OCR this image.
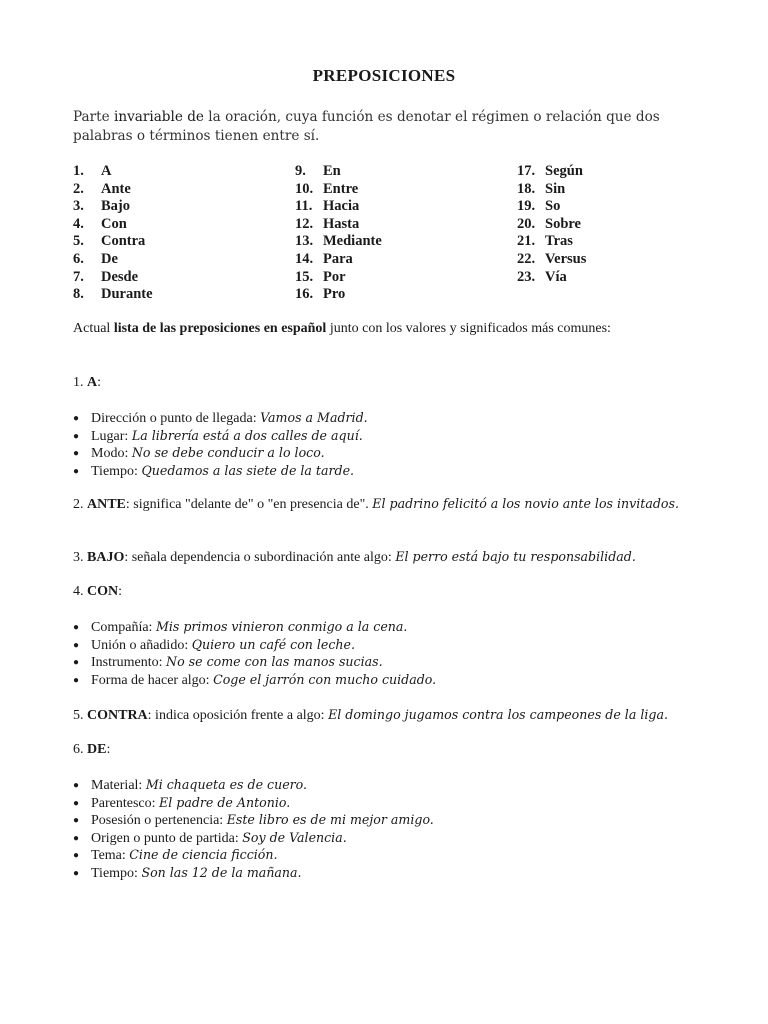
PREPOSICIONES

Parte invariable de la oración, cuya función es denotar el régimen o relación que dos palabras o términos tienen entre sí.

1. A
2. Ante
3. Bajo
4. Con
5. Contra
6. De
7. Desde
8. Durante
9. En
10. Entre
11. Hacia
12. Hasta
13. Mediante
14. Para
15. Por
16. Pro
17. Según
18. Sin
19. So
20. Sobre
21. Tras
22. Versus
23. Vía

Actual lista de las preposiciones en español junto con los valores y significados más comunes:

1. A:

● Dirección o punto de llegada: Vamos a Madrid.
● Lugar: La librería está a dos calles de aquí.
● Modo: No se debe conducir a lo loco.
● Tiempo: Quedamos a las siete de la tarde.

2. ANTE: significa "delante de" o "en presencia de". El padrino felicitó a los novio ante los invitados.

3. BAJO: señala dependencia o subordinación ante algo: El perro está bajo tu responsabilidad.

4. CON:

● Compañía: Mis primos vinieron conmigo a la cena.
● Unión o añadido: Quiero un café con leche.
● Instrumento: No se come con las manos sucias.
● Forma de hacer algo: Coge el jarrón con mucho cuidado.

5. CONTRA: indica oposición frente a algo: El domingo jugamos contra los campeones de la liga.

6. DE:

● Material: Mi chaqueta es de cuero.
● Parentesco: El padre de Antonio.
● Posesión o pertenencia: Este libro es de mi mejor amigo.
● Origen o punto de partida: Soy de Valencia.
● Tema: Cine de ciencia ficción.
● Tiempo: Son las 12 de la mañana.
